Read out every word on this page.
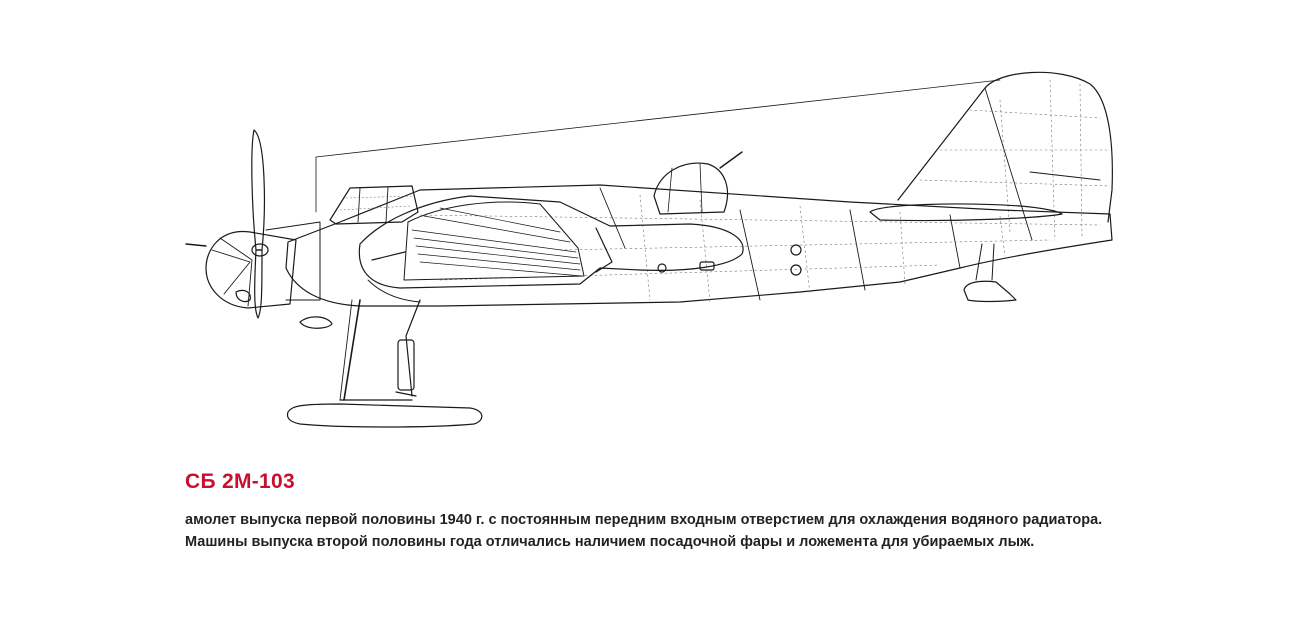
СБ 2М-103

амолет выпуска первой половины 1940 г. с постоянным передним входным отверстием для охлаждения водяного радиатора. Машины выпуска второй половины года отличались наличием посадочной фары и ложемента для убираемых лыж.
